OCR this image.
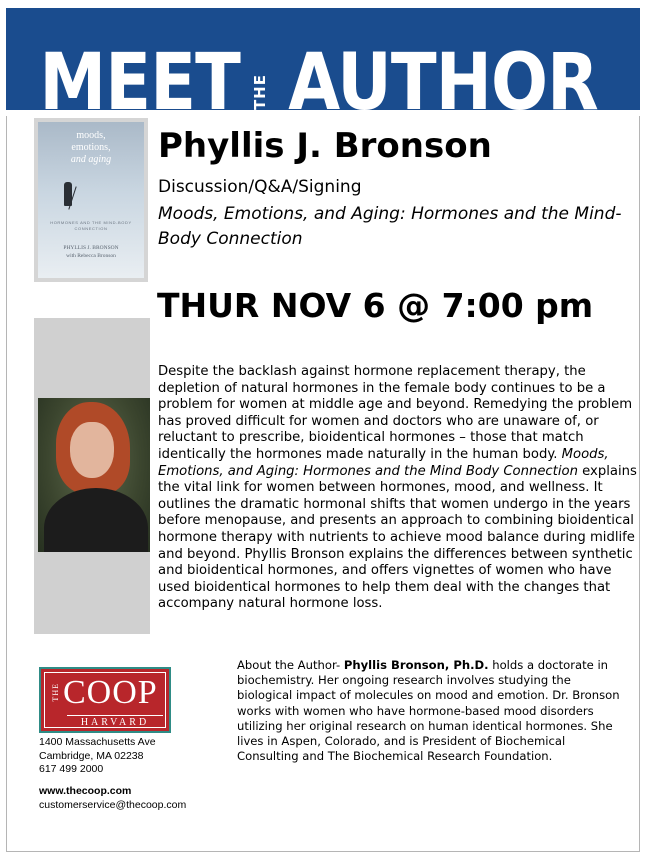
MEET THE AUTHOR
moods,
emotions,
and aging
HORMONES AND THE MIND-BODY CONNECTION
PHYLLIS J. BRONSON
with Rebecca Bronson
Phyllis J. Bronson
Discussion/Q&A/Signing
Moods, Emotions, and Aging: Hormones and the Mind-Body Connection
THUR NOV 6 @ 7:00 pm

Despite the backlash against hormone replacement therapy, the depletion of natural hormones in the female body continues to be a problem for women at middle age and beyond. Remedying the problem has proved difficult for women and doctors who are unaware of, or reluctant to prescribe, bioidentical hormones – those that match identically the hormones made naturally in the human body. Moods, Emotions, and Aging: Hormones and the Mind Body Connection explains the vital link for women between hormones, mood, and wellness. It outlines the dramatic hormonal shifts that women undergo in the years before menopause, and presents an approach to combining bioidentical hormone therapy with nutrients to achieve mood balance during midlife and beyond. Phyllis Bronson explains the differences between synthetic and bioidentical hormones, and offers vignettes of women who have used bioidentical hormones to help them deal with the changes that accompany natural hormone loss.

THE COOP
HARVARD
1400 Massachusetts Ave
Cambridge, MA 02238
617 499 2000
www.thecoop.com
customerservice@thecoop.com
About the Author- Phyllis Bronson, Ph.D. holds a doctorate in biochemistry. Her ongoing research involves studying the biological impact of molecules on mood and emotion. Dr. Bronson works with women who have hormone-based mood disorders utilizing her original research on human identical hormones. She lives in Aspen, Colorado, and is President of Biochemical Consulting and The Biochemical Research Foundation.
